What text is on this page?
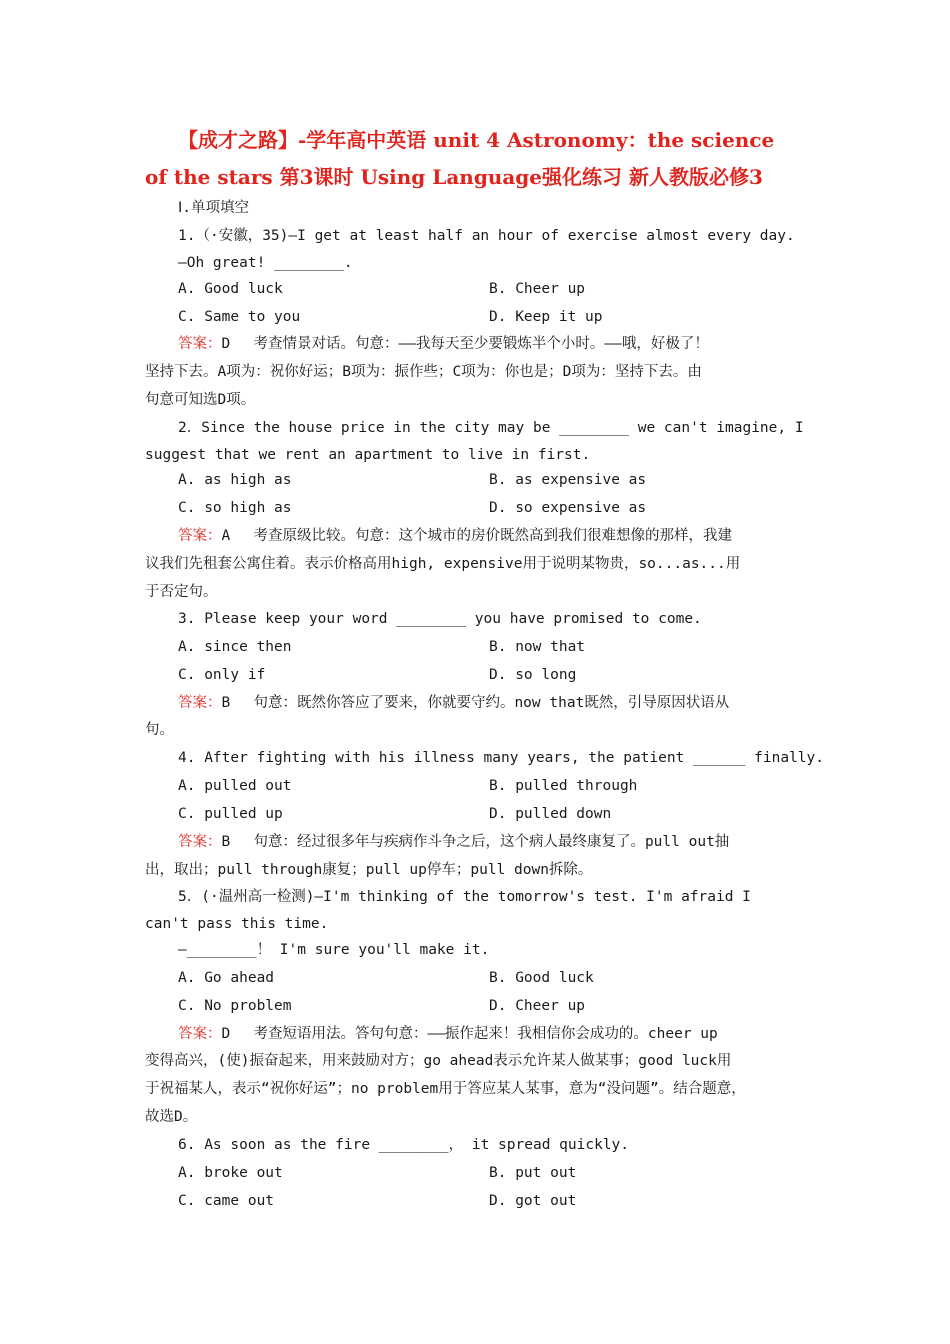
【成才之路】-学年高中英语 unit 4 Astronomy：the science
of the stars 第3课时 Using Language强化练习 新人教版必修3
Ⅰ.单项填空
1.（·安徽，35)—I get at least half an hour of exercise almost every day.
—Oh great! ________.
A. Good luck	B. Cheer up
C. Same to you	D. Keep it up
答案：D　 考查情景对话。句意：——我每天至少要锻炼半个小时。——哦，好极了！
坚持下去。A项为：祝你好运；B项为：振作些；C项为：你也是；D项为：坚持下去。由
句意可知选D项。
2．Since the house price in the city may be ________ we can't imagine, I
suggest that we rent an apartment to live in first.
A. as high as	B. as expensive as
C. so high as	D. so expensive as
答案：A　 考查原级比较。句意：这个城市的房价既然高到我们很难想像的那样，我建
议我们先租套公寓住着。表示价格高用high, expensive用于说明某物贵，so...as...用
于否定句。
3. Please keep your word ________ you have promised to come.
A. since then	B. now that
C. only if	D. so long
答案：B　 句意：既然你答应了要来，你就要守约。now that既然，引导原因状语从
句。
4. After fighting with his illness many years, the patient ______ finally.
A. pulled out	B. pulled through
C. pulled up	D. pulled down
答案：B　 句意：经过很多年与疾病作斗争之后，这个病人最终康复了。pull out抽
出，取出；pull through康复；pull up停车；pull down拆除。
5．(·温州高一检测)—I'm thinking of the tomorrow's test. I'm afraid I
can't pass this time.
—________！ I'm sure you'll make it.
A. Go ahead	B. Good luck
C. No problem	D. Cheer up
答案：D　 考查短语用法。答句句意：——振作起来！我相信你会成功的。cheer up
变得高兴，(使)振奋起来，用来鼓励对方；go ahead表示允许某人做某事；good luck用
于祝福某人，表示“祝你好运”；no problem用于答应某人某事，意为“没问题”。结合题意，
故选D。
6. As soon as the fire ________， it spread quickly.
A. broke out	B. put out
C. came out	D. got out
